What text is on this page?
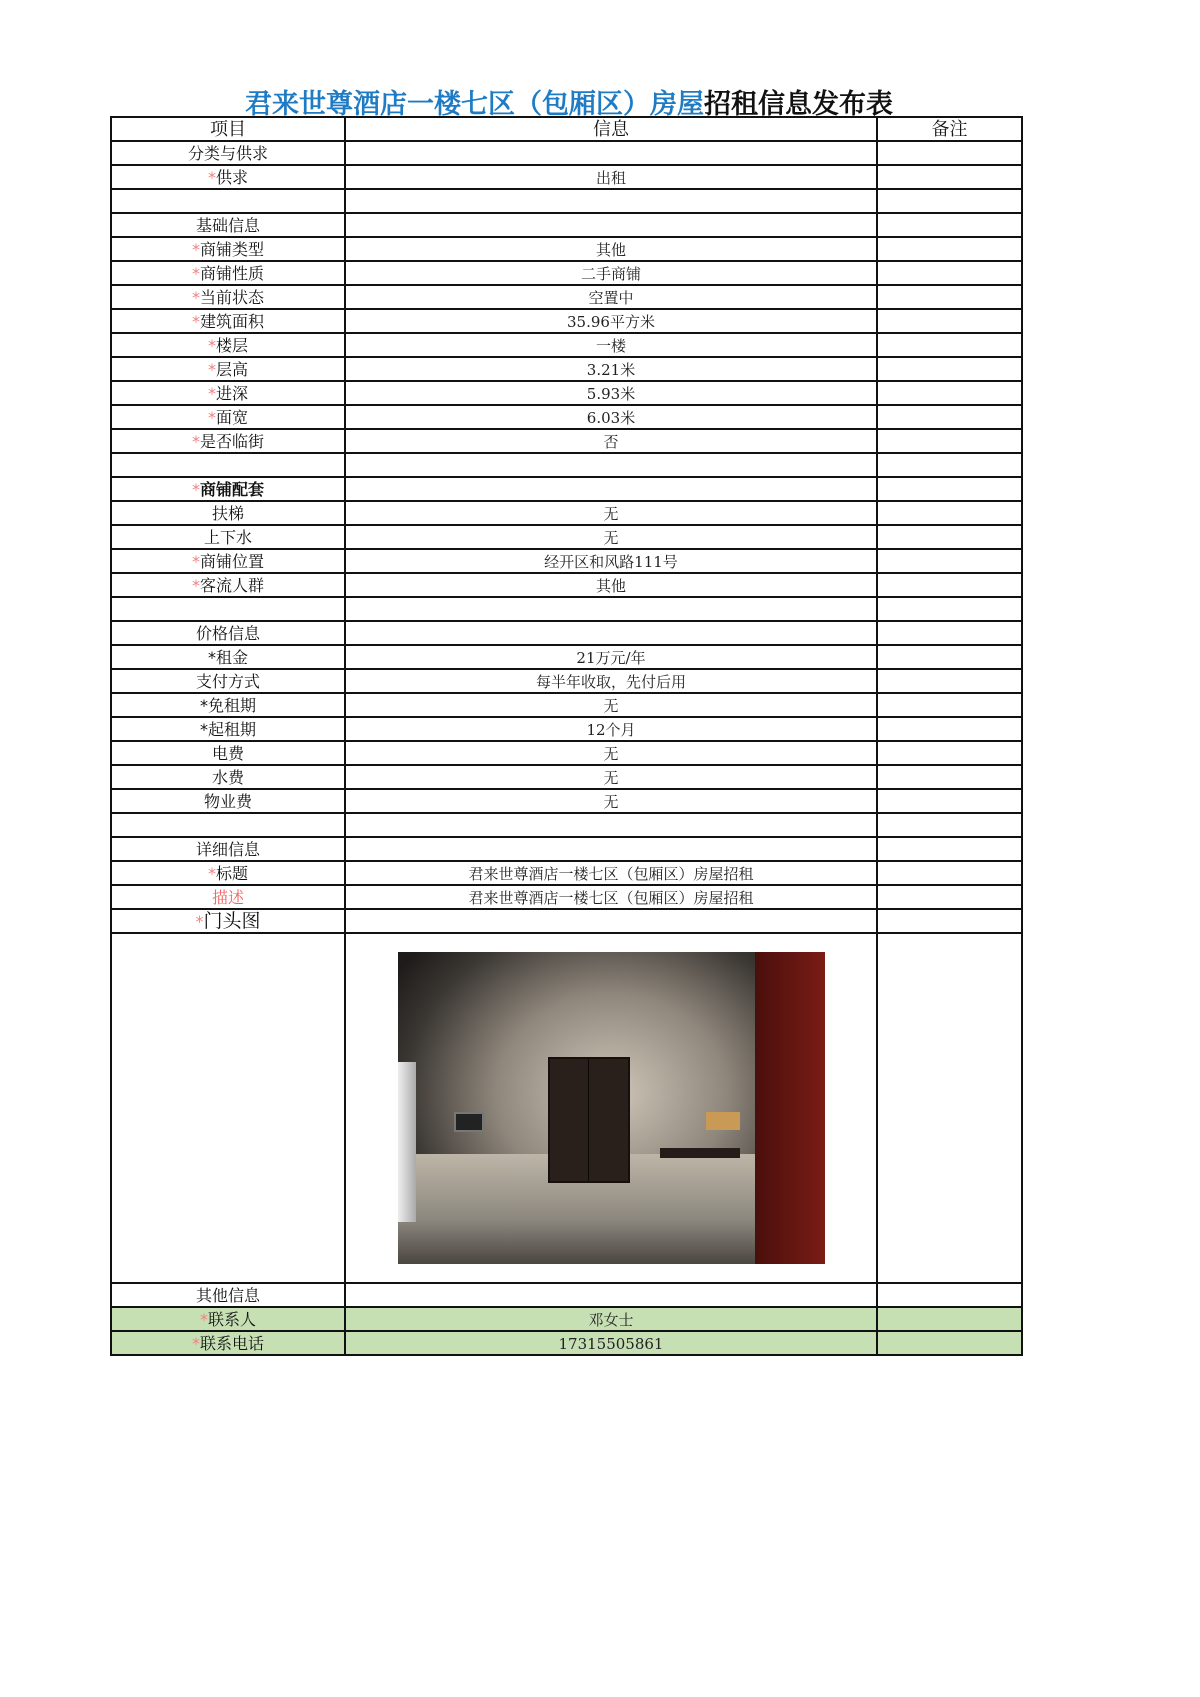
君来世尊酒店一楼七区（包厢区）房屋招租信息发布表
项目	信息	备注
分类与供求		
*供求	出租	

基础信息		
*商铺类型	其他	
*商铺性质	二手商铺	
*当前状态	空置中	
*建筑面积	35.96平方米	
*楼层	一楼	
*层高	3.21米	
*进深	5.93米	
*面宽	6.03米	
*是否临街	否	

*商铺配套		
扶梯	无	
上下水	无	
*商铺位置	经开区和风路111号	
*客流人群	其他	

价格信息		
*租金	21万元/年	
支付方式	每半年收取，先付后用	
*免租期	无	
*起租期	12个月	
电费	无	
水费	无	
物业费	无	

详细信息		
*标题	君来世尊酒店一楼七区（包厢区）房屋招租	
描述	君来世尊酒店一楼七区（包厢区）房屋招租	
*门头图		

其他信息		
*联系人	邓女士	
*联系电话	17315505861	
